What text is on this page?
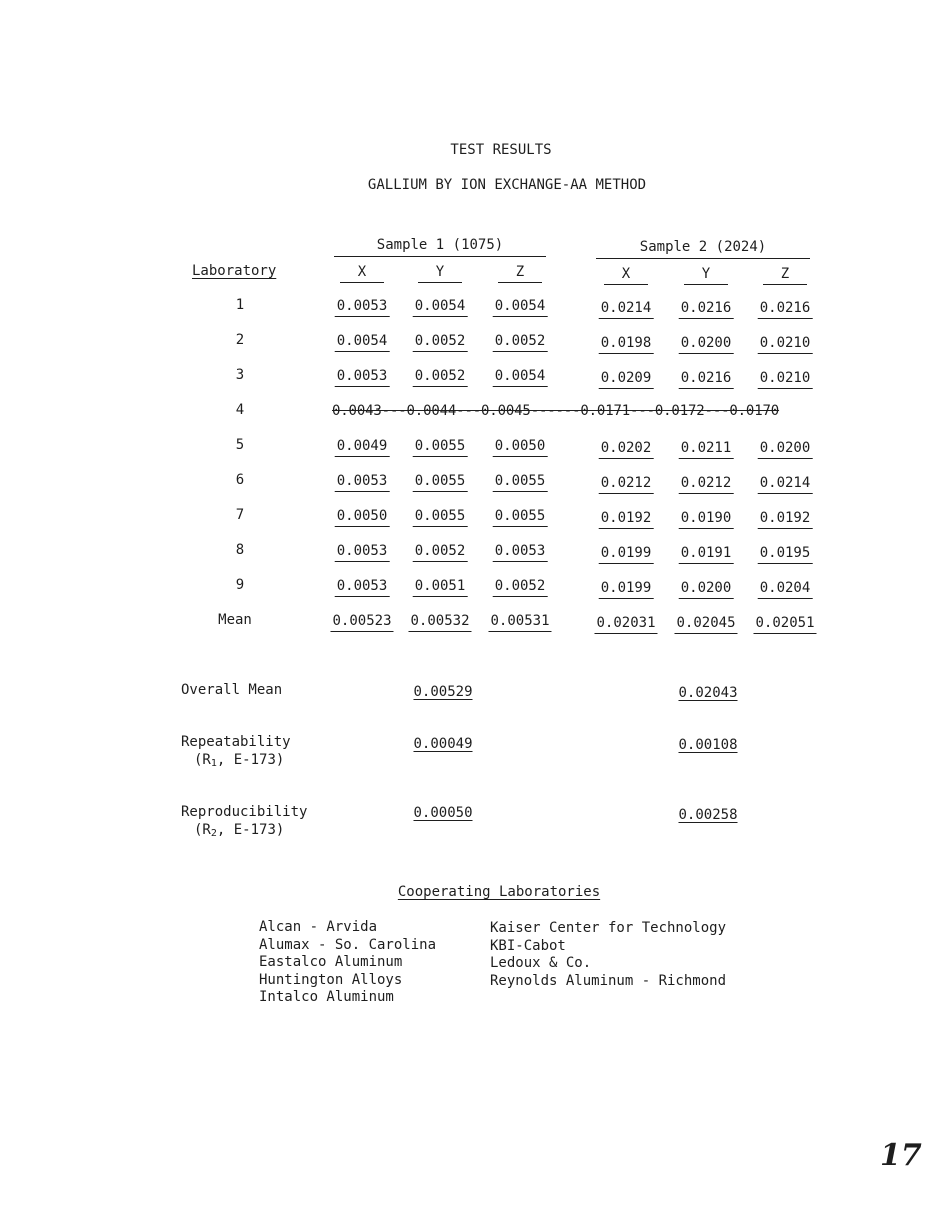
TEST RESULTS
GALLIUM BY ION EXCHANGE-AA METHOD
Sample 1 (1075)	Sample 2 (2024)
Laboratory	X	Y	Z	X	Y	Z
1	0.0053 0.0054 0.0054	0.0214 0.0216 0.0216
2	0.0054 0.0052 0.0052	0.0198 0.0200 0.0210
3	0.0053 0.0052 0.0054	0.0209 0.0216 0.0210
5	0.0049 0.0055 0.0050	0.0202 0.0211 0.0200
6	0.0053 0.0055 0.0055	0.0212 0.0212 0.0214
7	0.0050 0.0055 0.0055	0.0192 0.0190 0.0192
8	0.0053 0.0052 0.0053	0.0199 0.0191 0.0195
9	0.0053 0.0051 0.0052	0.0199 0.0200 0.0204
4	0.0043---0.0044---0.0045------0.0171---0.0172---0.0170
Mean	0.00523 0.00532 0.00531	0.02031 0.02045 0.02051
Overall Mean	0.00529	0.02043
Repeatability
($R_1$, E-173)
0.00049	0.00108
Reproducibility
($R_2$, E-173)
0.00050	0.00258
Cooperating Laboratories
Alcan - Arvida
Alumax - So. Carolina
Eastalco Aluminum
Huntington Alloys
Intalco Aluminum
Kaiser Center for Technology
KBI-Cabot
Ledoux & Co.
Reynolds Aluminum - Richmond
17
